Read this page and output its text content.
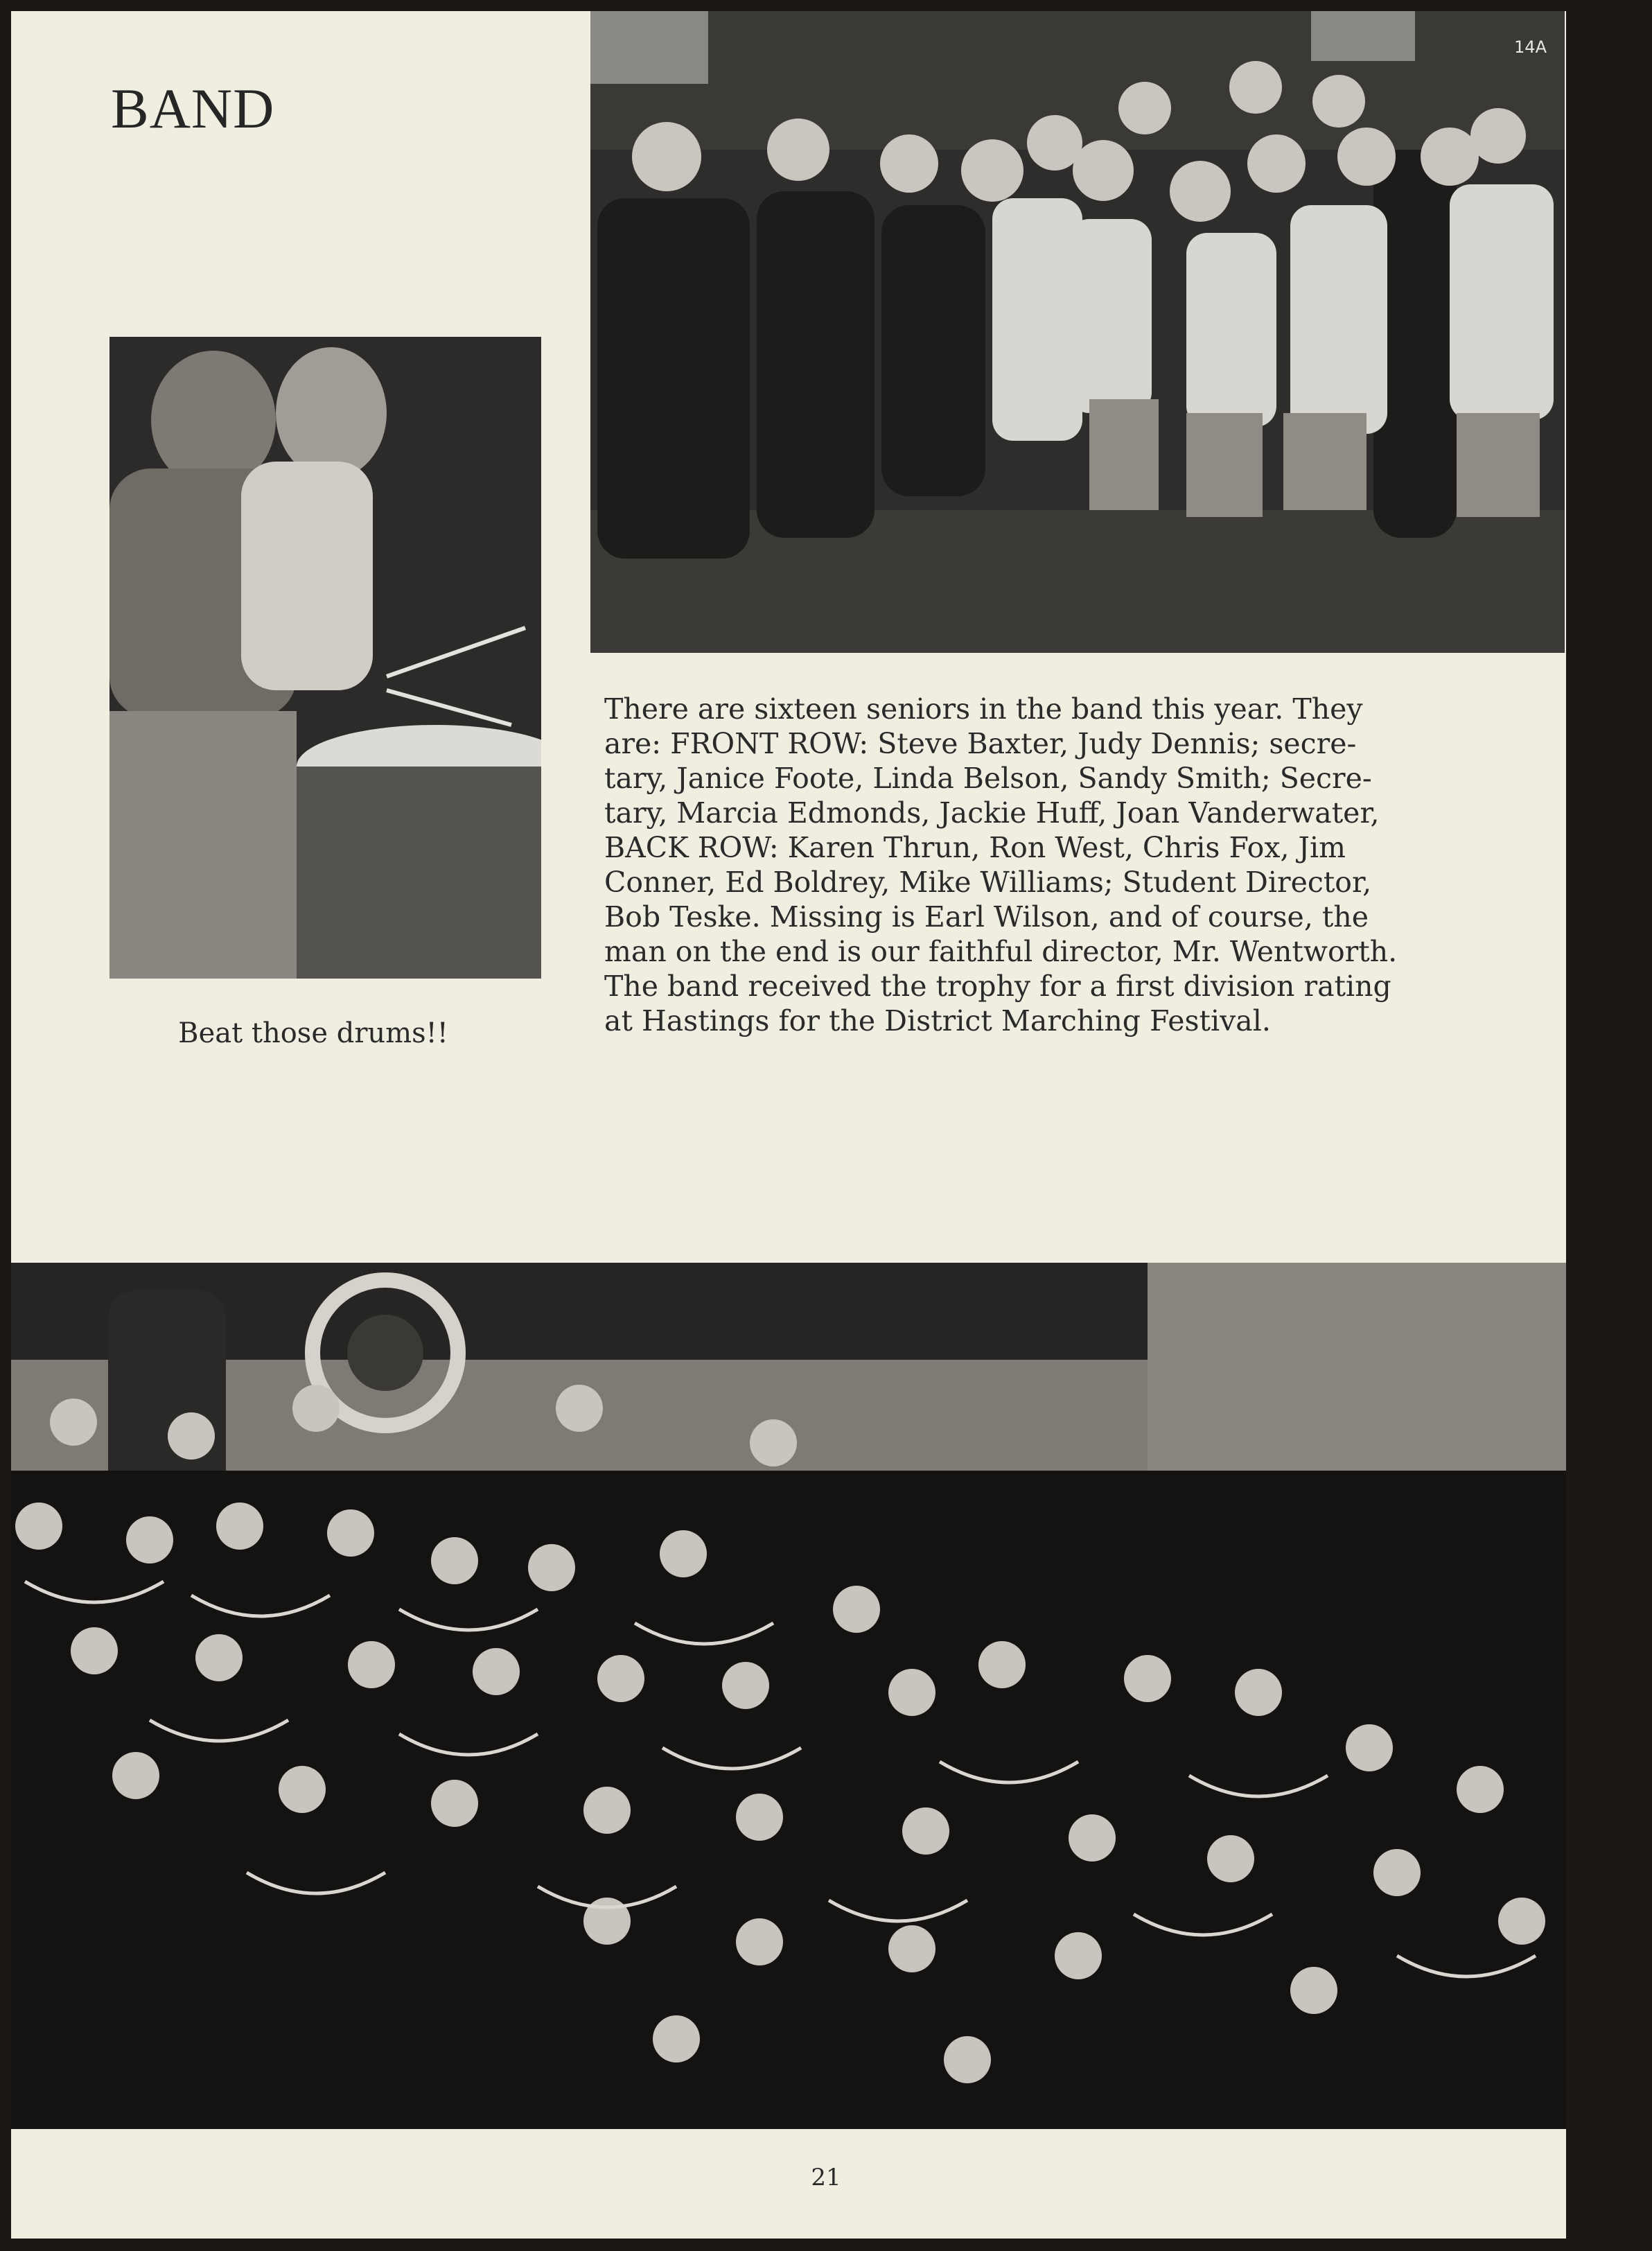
BAND
14A
Beat those drums!!

There are sixteen seniors in the band this year. They

are: FRONT ROW: Steve Baxter, Judy Dennis; secre-

tary, Janice Foote, Linda Belson, Sandy Smith; Secre-

tary, Marcia Edmonds, Jackie Huff, Joan Vanderwater,

BACK ROW: Karen Thrun, Ron West, Chris Fox, Jim

Conner, Ed Boldrey, Mike Williams; Student Director,

Bob Teske. Missing is Earl Wilson, and of course, the

man on the end is our faithful director, Mr. Wentworth.

The band received the trophy for a first division rating

at Hastings for the District Marching Festival.

21
